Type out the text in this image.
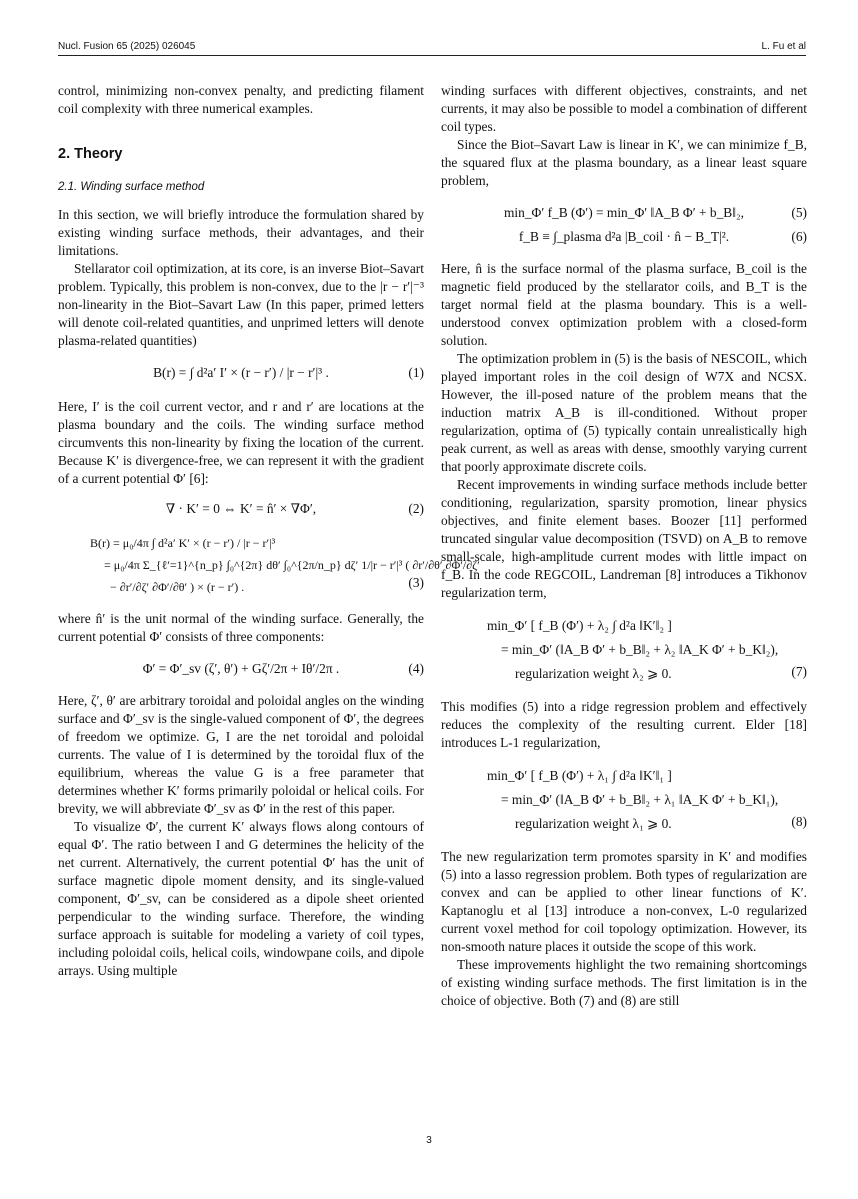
Nucl. Fusion 65 (2025) 026045	L. Fu et al

control, minimizing non-convex penalty, and predicting filament coil complexity with three numerical examples.

2. Theory
2.1. Winding surface method

In this section, we will briefly introduce the formulation shared by existing winding surface methods, their advantages, and their limitations.

Stellarator coil optimization, at its core, is an inverse Biot–Savart problem. Typically, this problem is non-convex, due to the |r − r′|⁻³ non-linearity in the Biot–Savart Law (In this paper, primed letters will denote coil-related quantities, and unprimed letters will denote plasma-related quantities)

B(r) = ∫ d²a′ I′ × (r − r′) / |r − r′|³ .	(1)

Here, I′ is the coil current vector, and r and r′ are locations at the plasma boundary and the coils. The winding surface method circumvents this non-linearity by fixing the location of the current. Because K′ is divergence-free, we can represent it with the gradient of a current potential Φ′ [6]:

∇ · K′ = 0 ⇔ K′ = n̂′ × ∇Φ′,	(2)
B(r) = μ₀/4π ∫ d²a′ K′ × (r − r′) / |r − r′|³
= μ₀/4π Σ_{ℓ′=1}^{n_p} ∫₀^{2π} dθ′ ∫₀^{2π/n_p} dζ′ 1/|r − r′|³ ( ∂r′/∂θ′ ∂Φ′/∂ζ′
− ∂r′/∂ζ′ ∂Φ′/∂θ′ ) × (r − r′) .	(3)

where n̂′ is the unit normal of the winding surface. Generally, the current potential Φ′ consists of three components:

Φ′ = Φ′_sv (ζ′, θ′) + Gζ′/2π + Iθ′/2π .	(4)

Here, ζ′, θ′ are arbitrary toroidal and poloidal angles on the winding surface and Φ′_sv is the single-valued component of Φ′, the degrees of freedom we optimize. G, I are the net toroidal and poloidal currents. The value of I is determined by the toroidal flux of the equilibrium, whereas the value G is a free parameter that determines whether K′ forms primarily poloidal or helical coils. For brevity, we will abbreviate Φ′_sv as Φ′ in the rest of this paper.

To visualize Φ′, the current K′ always flows along contours of equal Φ′. The ratio between I and G determines the helicity of the net current. Alternatively, the current potential Φ′ has the unit of surface magnetic dipole moment density, and its single-valued component, Φ′_sv, can be considered as a dipole sheet oriented perpendicular to the winding surface. Therefore, the winding surface approach is suitable for modeling a variety of coil types, including poloidal coils, helical coils, windowpane coils, and dipole arrays. Using multiple

winding surfaces with different objectives, constraints, and net currents, it may also be possible to model a combination of different coil types.

Since the Biot–Savart Law is linear in K′, we can minimize f_B, the squared flux at the plasma boundary, as a linear least square problem,

min_Φ′ f_B (Φ′) = min_Φ′ ‖A_B Φ′ + b_B‖₂,	(5)
f_B ≡ ∫_plasma d²a |B_coil · n̂ − B_T|².	(6)

Here, n̂ is the surface normal of the plasma surface, B_coil is the magnetic field produced by the stellarator coils, and B_T is the target normal field at the plasma boundary. This is a well-understood convex optimization problem with a closed-form solution.

The optimization problem in (5) is the basis of NESCOIL, which played important roles in the coil design of W7X and NCSX. However, the ill-posed nature of the problem means that the induction matrix A_B is ill-conditioned. Without proper regularization, optima of (5) typically contain unrealistically high peak current, as well as areas with dense, smoothly varying current that poorly approximate discrete coils.

Recent improvements in winding surface methods include better conditioning, regularization, sparsity promotion, linear physics objectives, and finite element bases. Boozer [11] performed truncated singular value decomposition (TSVD) on A_B to remove small-scale, high-amplitude current modes with little impact on f_B. In the code REGCOIL, Landreman [8] introduces a Tikhonov regularization term,

min_Φ′ [ f_B (Φ′) + λ₂ ∫ d²a ‖K′‖₂ ]
= min_Φ′ (‖A_B Φ′ + b_B‖₂ + λ₂ ‖A_K Φ′ + b_K‖₂),
regularization weight λ₂ ⩾ 0.	(7)

This modifies (5) into a ridge regression problem and effectively reduces the complexity of the resulting current. Elder [18] introduces L-1 regularization,

min_Φ′ [ f_B (Φ′) + λ₁ ∫ d²a ‖K′‖₁ ]
= min_Φ′ (‖A_B Φ′ + b_B‖₂ + λ₁ ‖A_K Φ′ + b_K‖₁),
regularization weight λ₁ ⩾ 0.	(8)

The new regularization term promotes sparsity in K′ and modifies (5) into a lasso regression problem. Both types of regularization are convex and can be applied to other linear functions of K′. Kaptanoglu et al [13] introduce a non-convex, L-0 regularized current voxel method for coil topology optimization. However, its non-smooth nature places it outside the scope of this work.

These improvements highlight the two remaining shortcomings of existing winding surface methods. The first limitation is in the choice of objective. Both (7) and (8) are still

3
